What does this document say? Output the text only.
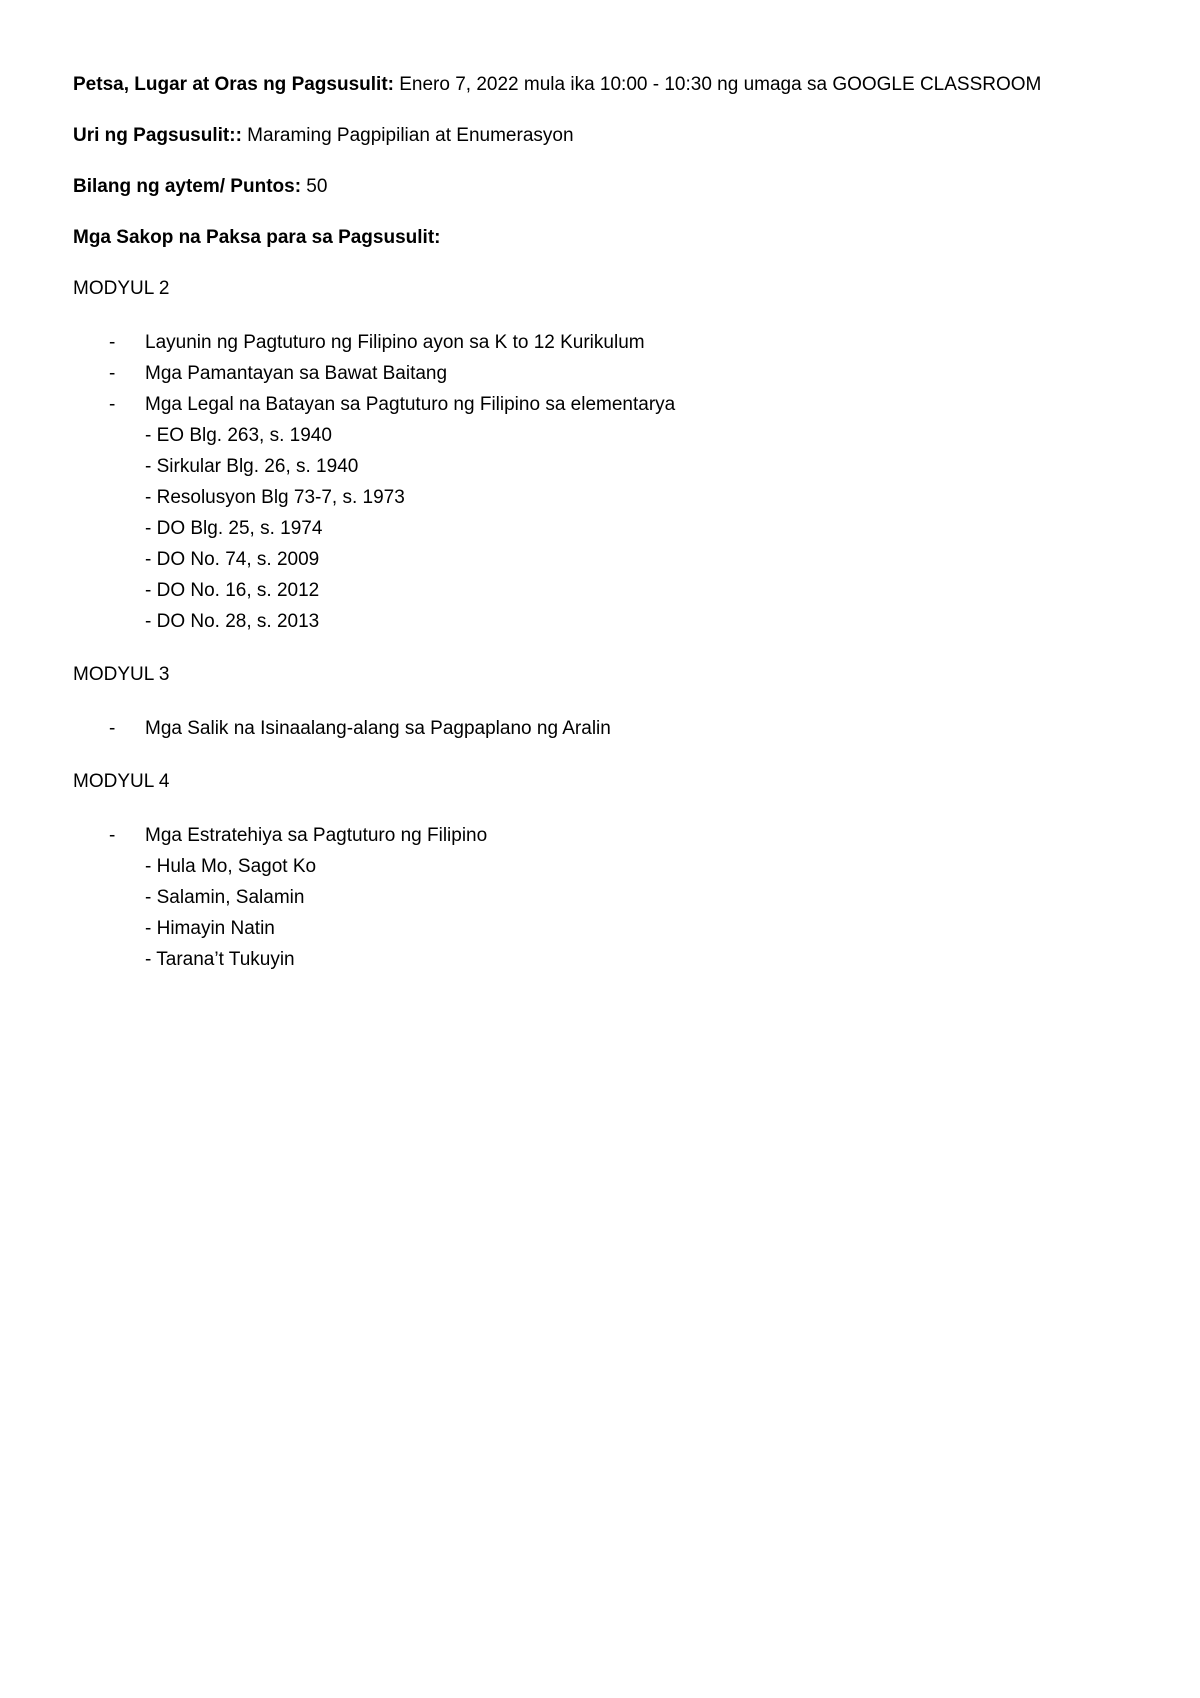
Petsa, Lugar at Oras ng Pagsusulit: Enero 7, 2022 mula ika 10:00 - 10:30 ng umaga sa GOOGLE CLASSROOM

Uri ng Pagsusulit:: Maraming Pagpipilian at Enumerasyon

Bilang ng aytem/ Puntos: 50

Mga Sakop na Paksa para sa Pagsusulit:

MODYUL 2

- Layunin ng Pagtuturo ng Filipino ayon sa K to 12 Kurikulum
- Mga Pamantayan sa Bawat Baitang
- Mga Legal na Batayan sa Pagtuturo ng Filipino sa elementarya
- EO Blg. 263, s. 1940
- Sirkular Blg. 26, s. 1940
- Resolusyon Blg 73-7, s. 1973
- DO Blg. 25, s. 1974
- DO No. 74, s. 2009
- DO No. 16, s. 2012
- DO No. 28, s. 2013

MODYUL 3

- Mga Salik na Isinaalang-alang sa Pagpaplano ng Aralin

MODYUL 4

- Mga Estratehiya sa Pagtuturo ng Filipino
- Hula Mo, Sagot Ko
- Salamin, Salamin
- Himayin Natin
- Tarana’t Tukuyin
